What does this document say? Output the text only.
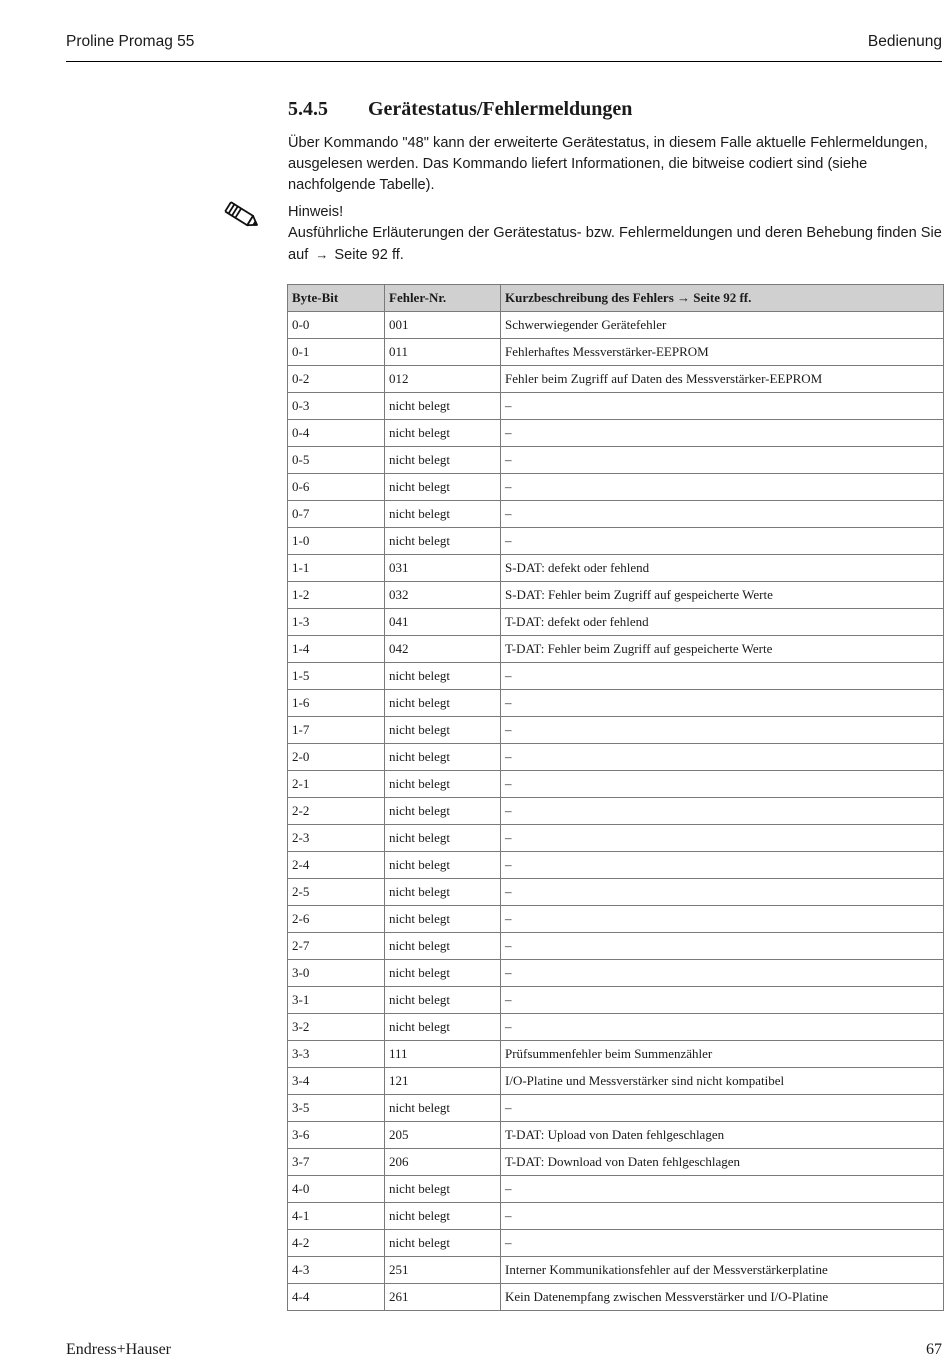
Proline Promag 55	Bedienung
5.4.5 Gerätestatus/Fehlermeldungen

Über Kommando "48" kann der erweiterte Gerätestatus, in diesem Falle aktuelle Fehlermeldungen, ausgelesen werden. Das Kommando liefert Informationen, die bitweise codiert sind (siehe nachfolgende Tabelle).

Hinweis!

Ausführliche Erläuterungen der Gerätestatus- bzw. Fehlermeldungen und deren Behebung finden Sie auf → Seite 92 ff.

Byte-Bit	Fehler-Nr.	Kurzbeschreibung des Fehlers → Seite 92 ff.
0-0	001	Schwerwiegender Gerätefehler
0-1	011	Fehlerhaftes Messverstärker-EEPROM
0-2	012	Fehler beim Zugriff auf Daten des Messverstärker-EEPROM
0-3	nicht belegt	–
0-4	nicht belegt	–
0-5	nicht belegt	–
0-6	nicht belegt	–
0-7	nicht belegt	–
1-0	nicht belegt	–
1-1	031	S-DAT: defekt oder fehlend
1-2	032	S-DAT: Fehler beim Zugriff auf gespeicherte Werte
1-3	041	T-DAT: defekt oder fehlend
1-4	042	T-DAT: Fehler beim Zugriff auf gespeicherte Werte
1-5	nicht belegt	–
1-6	nicht belegt	–
1-7	nicht belegt	–
2-0	nicht belegt	–
2-1	nicht belegt	–
2-2	nicht belegt	–
2-3	nicht belegt	–
2-4	nicht belegt	–
2-5	nicht belegt	–
2-6	nicht belegt	–
2-7	nicht belegt	–
3-0	nicht belegt	–
3-1	nicht belegt	–
3-2	nicht belegt	–
3-3	111	Prüfsummenfehler beim Summenzähler
3-4	121	I/O-Platine und Messverstärker sind nicht kompatibel
3-5	nicht belegt	–
3-6	205	T-DAT: Upload von Daten fehlgeschlagen
3-7	206	T-DAT: Download von Daten fehlgeschlagen
4-0	nicht belegt	–
4-1	nicht belegt	–
4-2	nicht belegt	–
4-3	251	Interner Kommunikationsfehler auf der Messverstärkerplatine
4-4	261	Kein Datenempfang zwischen Messverstärker und I/O-Platine
Endress+Hauser	67
